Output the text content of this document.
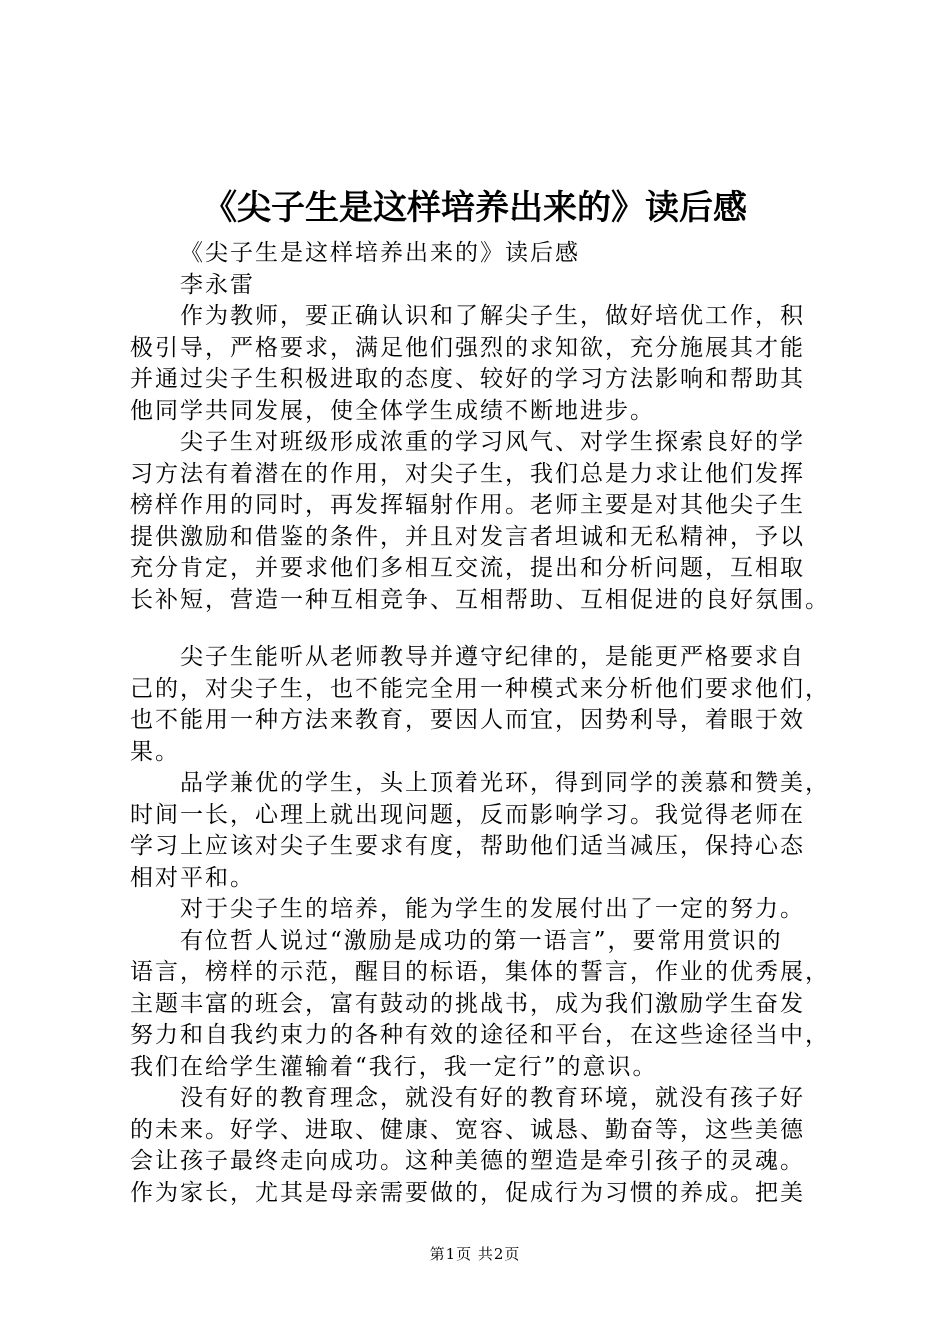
《尖子生是这样培养出来的》读后感
《尖子生是这样培养出来的》读后感
李永雷
作为教师，要正确认识和了解尖子生，做好培优工作，积
极引导，严格要求，满足他们强烈的求知欲，充分施展其才能
并通过尖子生积极进取的态度、较好的学习方法影响和帮助其
他同学共同发展，使全体学生成绩不断地进步。
尖子生对班级形成浓重的学习风气、对学生探索良好的学
习方法有着潜在的作用，对尖子生，我们总是力求让他们发挥
榜样作用的同时，再发挥辐射作用。老师主要是对其他尖子生
提供激励和借鉴的条件，并且对发言者坦诚和无私精神，予以
充分肯定，并要求他们多相互交流，提出和分析问题，互相取
长补短，营造一种互相竞争、互相帮助、互相促进的良好氛围。
尖子生能听从老师教导并遵守纪律的，是能更严格要求自
己的，对尖子生，也不能完全用一种模式来分析他们要求他们，
也不能用一种方法来教育，要因人而宜，因势利导，着眼于效
果。
品学兼优的学生，头上顶着光环，得到同学的羡慕和赞美，
时间一长，心理上就出现问题，反而影响学习。我觉得老师在
学习上应该对尖子生要求有度，帮助他们适当减压，保持心态
相对平和。
对于尖子生的培养，能为学生的发展付出了一定的努力。
有位哲人说过“激励是成功的第一语言”，要常用赏识的
语言，榜样的示范，醒目的标语，集体的誓言，作业的优秀展，
主题丰富的班会，富有鼓动的挑战书，成为我们激励学生奋发
努力和自我约束力的各种有效的途径和平台，在这些途径当中，
我们在给学生灌输着“我行，我一定行”的意识。
没有好的教育理念，就没有好的教育环境，就没有孩子好
的未来。好学、进取、健康、宽容、诚恳、勤奋等，这些美德
会让孩子最终走向成功。这种美德的塑造是牵引孩子的灵魂。
作为家长，尤其是母亲需要做的，促成行为习惯的养成。把美
第1页 共2页
